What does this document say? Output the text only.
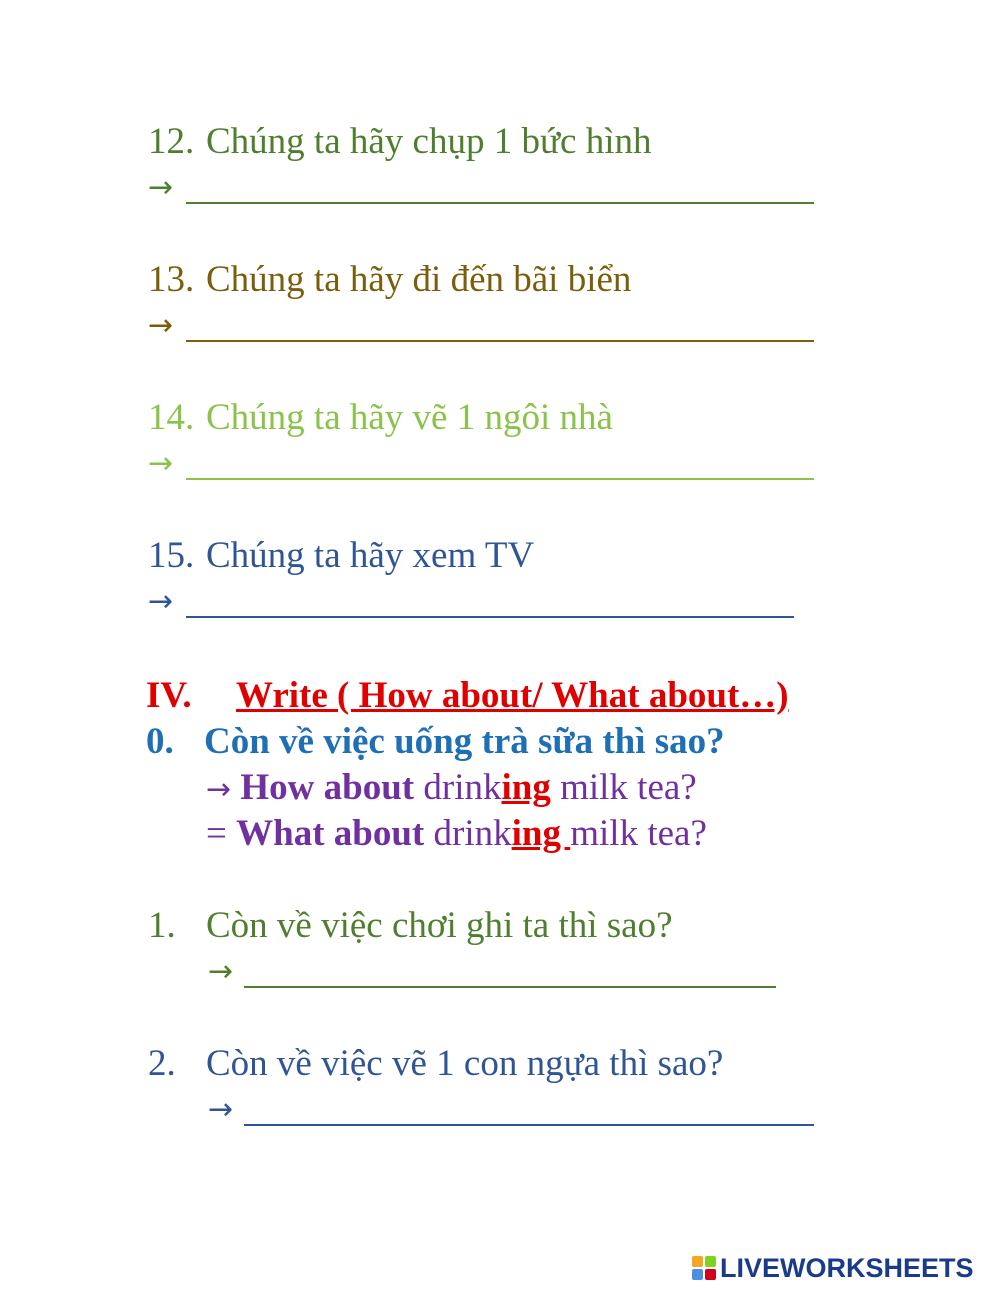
12. Chúng ta hãy chụp 1 bức hình
→
13. Chúng ta hãy đi đến bãi biển
→
14. Chúng ta hãy vẽ 1 ngôi nhà
→
15. Chúng ta hãy xem TV
→
IV. Write ( How about/ What about…)
0. Còn về việc uống trà sữa thì sao?
→ How about drinking milk tea?
= What about drinking milk tea?
1. Còn về việc chơi ghi ta thì sao?
→
2. Còn về việc vẽ 1 con ngựa thì sao?
→
LIVEWORKSHEETS
